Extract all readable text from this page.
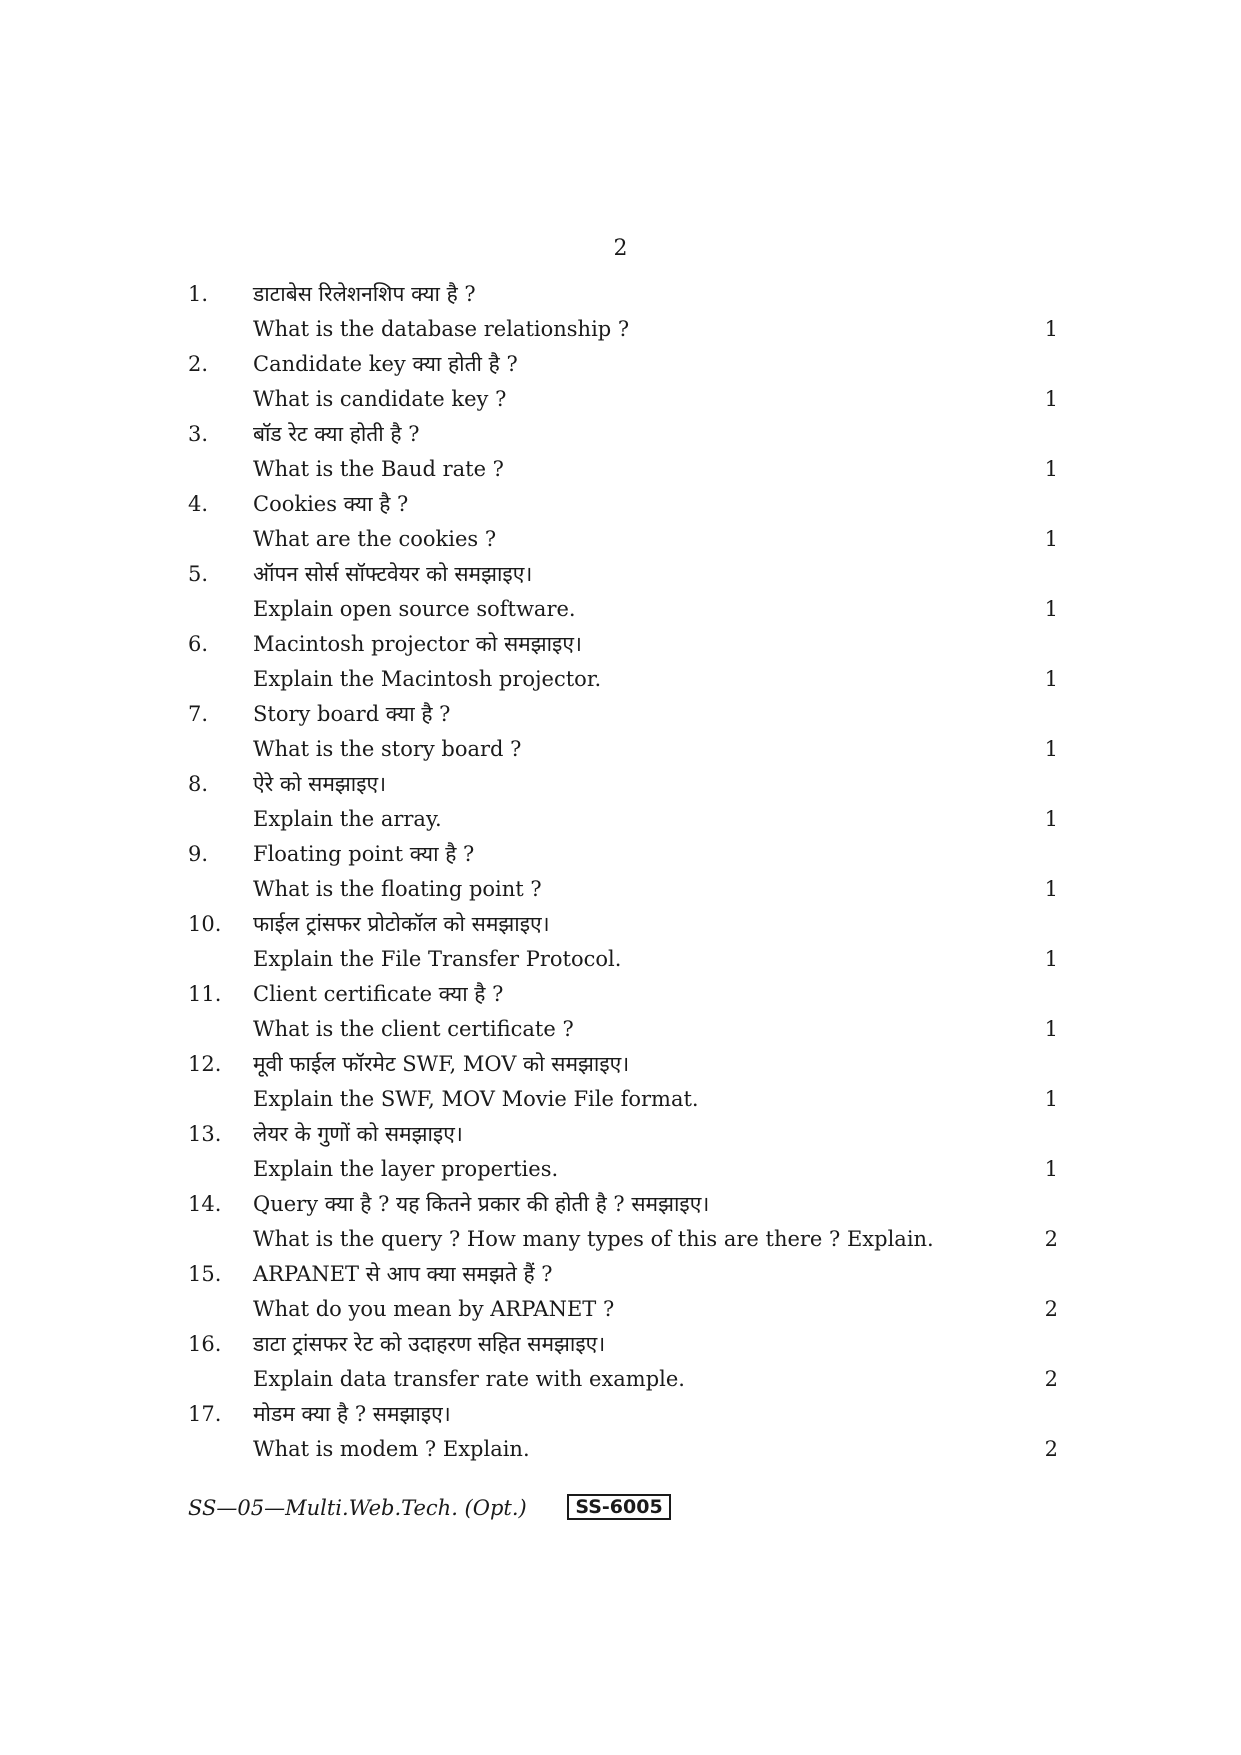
2
1. डाटाबेस रिलेशनशिप क्या है ?
What is the database relationship ?	1
2. Candidate key क्या होती है ?
What is candidate key ?	1
3. बॉड रेट क्या होती है ?
What is the Baud rate ?	1
4. Cookies क्या है ?
What are the cookies ?	1
5. ऑपन सोर्स सॉफ्टवेयर को समझाइए।
Explain open source software.	1
6. Macintosh projector को समझाइए।
Explain the Macintosh projector.	1
7. Story board क्या है ?
What is the story board ?	1
8. ऐरे को समझाइए।
Explain the array.	1
9. Floating point क्या है ?
What is the floating point ?	1
10. फाईल ट्रांसफर प्रोटोकॉल को समझाइए।
Explain the File Transfer Protocol.	1
11. Client certificate क्या है ?
What is the client certificate ?	1
12. मूवी फाईल फॉरमेट SWF, MOV को समझाइए।
Explain the SWF, MOV Movie File format.	1
13. लेयर के गुणों को समझाइए।
Explain the layer properties.	1
14. Query क्या है ? यह कितने प्रकार की होती है ? समझाइए।
What is the query ? How many types of this are there ? Explain.	2
15. ARPANET से आप क्या समझते हैं ?
What do you mean by ARPANET ?	2
16. डाटा ट्रांसफर रेट को उदाहरण सहित समझाइए।
Explain data transfer rate with example.	2
17. मोडम क्या है ? समझाइए।
What is modem ? Explain.	2
SS—05—Multi.Web.Tech. (Opt.)	SS-6005
